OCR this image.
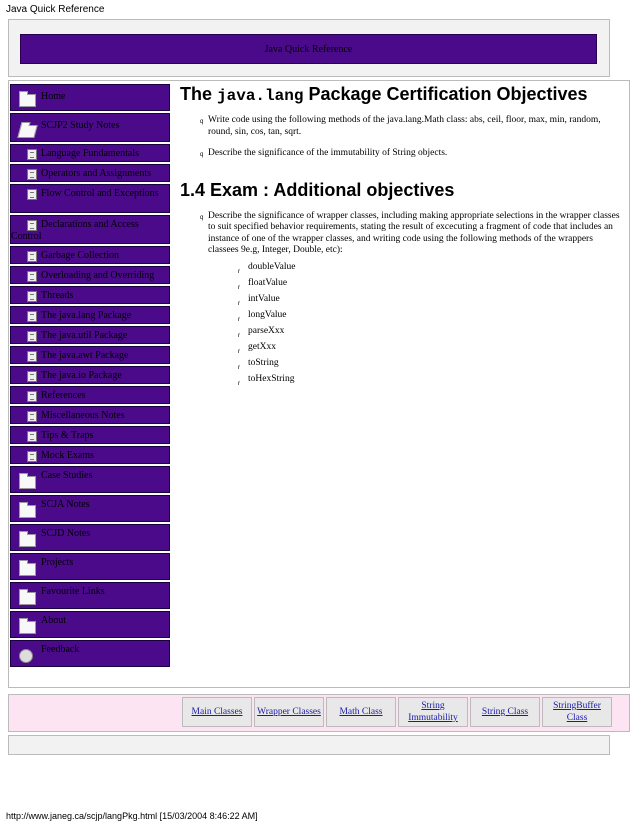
Java Quick Reference
Java Quick Reference
Home
SCJP2 Study Notes
Language Fundamentals
Operators and Assignments
Flow Control and Exceptions
Declarations and Access Control
Garbage Collection
Overloading and Overriding
Threads
The java.lang Package
The java.util Package
The java.awt Package
The java.io Package
References
Miscellaneous Notes
Tips & Traps
Mock Exams
Case Studies
SCJA Notes
SCJD Notes
Projects
Favourite Links
About
Feedback
The java.lang Package Certification Objectives
q Write code using the following methods of the java.lang.Math class: abs, ceil, floor, max, min, random, round, sin, cos, tan, sqrt.
q Describe the significance of the immutability of String objects.
1.4 Exam : Additional objectives
q Describe the significance of wrapper classes, including making appropriate selections in the wrapper classes to suit specified behavior requirements, stating the result of excecuting a fragment of code that includes an instance of one of the wrapper classes, and writing code using the following methods of the wrappers classees 9e.g, Integer, Double, etc):
r doubleValue
r floatValue
r intValue
r longValue
r parseXxx
r getXxx
r toString
r toHexString
Main Classes	Wrapper Classes	Math Class
String Immutability
String Class
StringBuffer Class
http://www.janeg.ca/scjp/langPkg.html [15/03/2004 8:46:22 AM]
